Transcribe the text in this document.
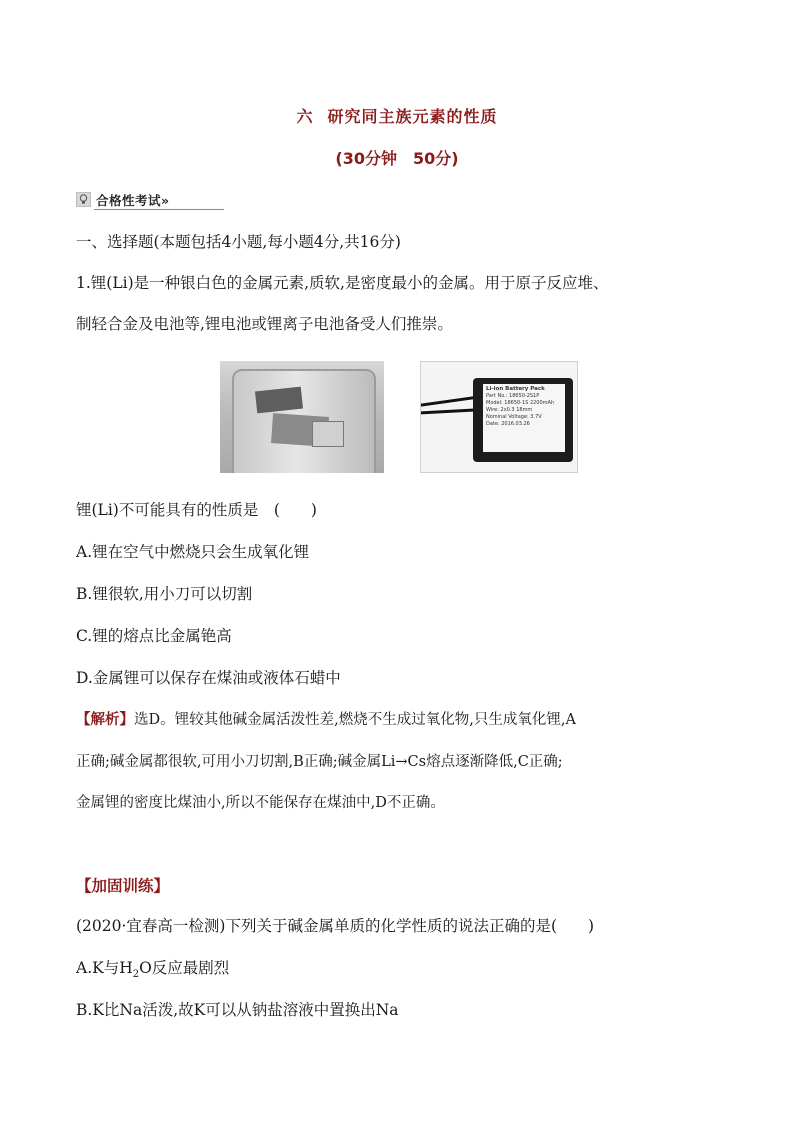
六 研究同主族元素的性质
(30分钟　50分)
合格性考试»
一、选择题(本题包括4小题,每小题4分,共16分)
1.锂(Li)是一种银白色的金属元素,质软,是密度最小的金属。用于原子反应堆、
制轻合金及电池等,锂电池或锂离子电池备受人们推崇。
Li-ion Battery Pack
Part No.: 18650-2S1P
Model: 18650-1S 2200mAh
Wire: 2x0.3 18mm
Nominal Voltage: 3.7V
Date: 2016.03.26
锂(Li)不可能具有的性质是　(　　)
A.锂在空气中燃烧只会生成氧化锂
B.锂很软,用小刀可以切割
C.锂的熔点比金属铯高
D.金属锂可以保存在煤油或液体石蜡中
【解析】选D。锂较其他碱金属活泼性差,燃烧不生成过氧化物,只生成氧化锂,A
正确;碱金属都很软,可用小刀切割,B正确;碱金属Li→Cs熔点逐渐降低,C正确;
金属锂的密度比煤油小,所以不能保存在煤油中,D不正确。
【加固训练】
(2020·宜春高一检测)下列关于碱金属单质的化学性质的说法正确的是(　　)
A.K与$H_2O$反应最剧烈
B.K比Na活泼,故K可以从钠盐溶液中置换出Na
